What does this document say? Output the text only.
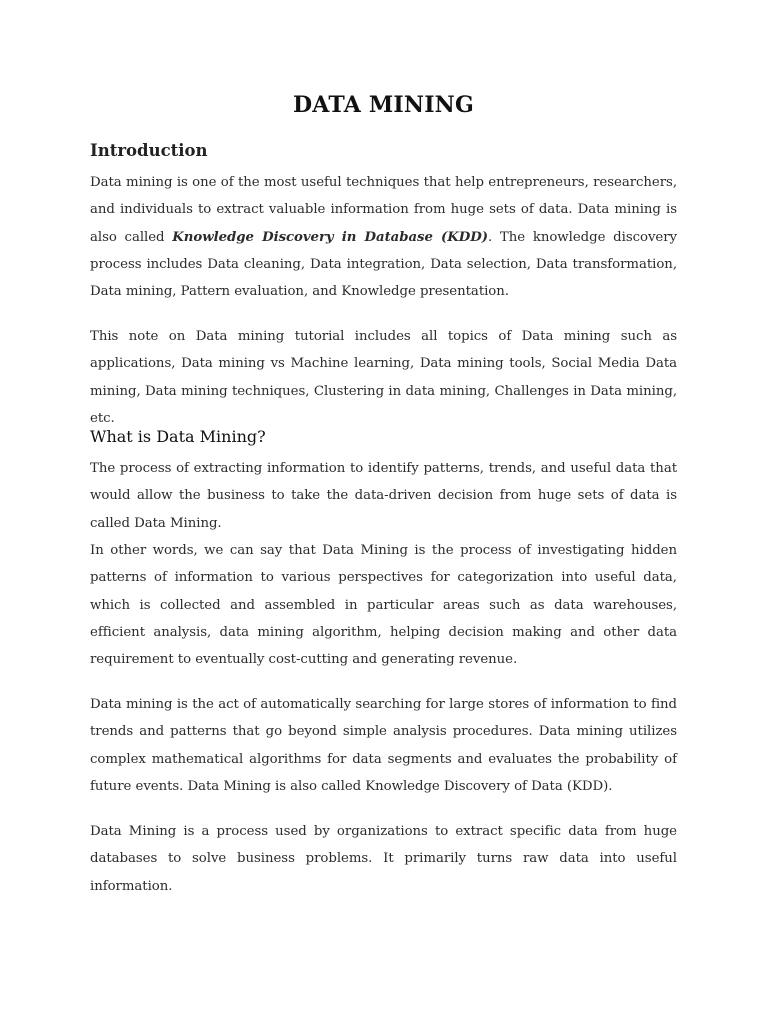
DATA MINING
Introduction

Data mining is one of the most useful techniques that help entrepreneurs, researchers, and individuals to extract valuable information from huge sets of data. Data mining is also called Knowledge Discovery in Database (KDD). The knowledge discovery process includes Data cleaning, Data integration, Data selection, Data transformation, Data mining, Pattern evaluation, and Knowledge presentation.

This note on Data mining tutorial includes all topics of Data mining such as applications, Data mining vs Machine learning, Data mining tools, Social Media Data mining, Data mining techniques, Clustering in data mining, Challenges in Data mining, etc.

What is Data Mining?

The process of extracting information to identify patterns, trends, and useful data that would allow the business to take the data-driven decision from huge sets of data is called Data Mining.

In other words, we can say that Data Mining is the process of investigating hidden patterns of information to various perspectives for categorization into useful data, which is collected and assembled in particular areas such as data warehouses, efficient analysis, data mining algorithm, helping decision making and other data requirement to eventually cost-cutting and generating revenue.

Data mining is the act of automatically searching for large stores of information to find trends and patterns that go beyond simple analysis procedures. Data mining utilizes complex mathematical algorithms for data segments and evaluates the probability of future events. Data Mining is also called Knowledge Discovery of Data (KDD).

Data Mining is a process used by organizations to extract specific data from huge databases to solve business problems. It primarily turns raw data into useful information.
